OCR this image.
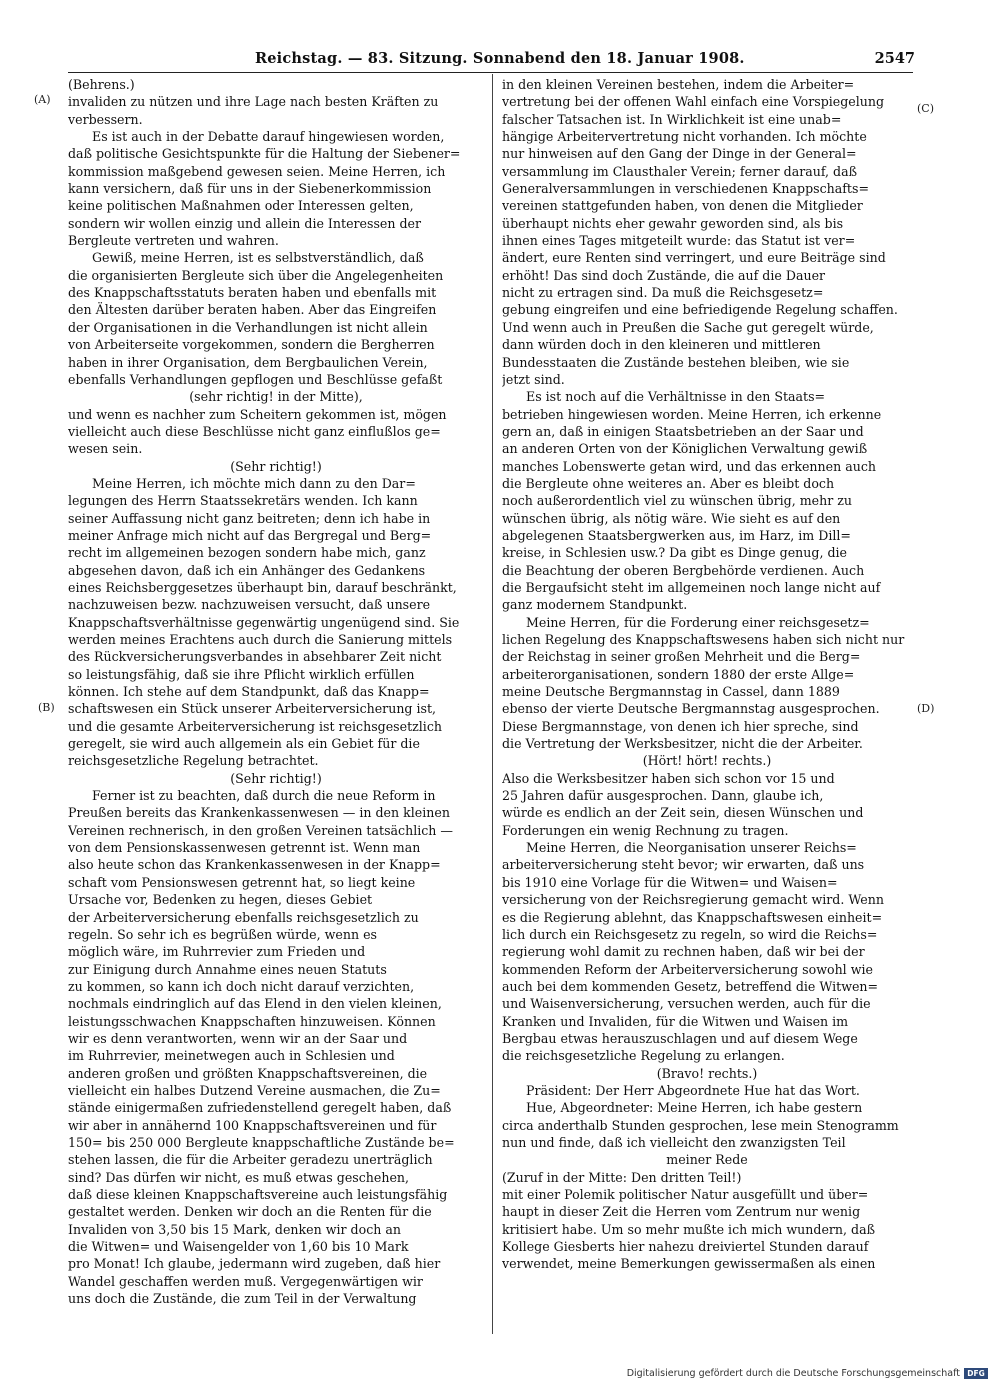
Reichstag. — 83. Sitzung. Sonnabend den 18. Januar 1908.	2547
(A)
(B)
(C)
(D)
(Behrens.)
invaliden zu nützen und ihre Lage nach besten Kräften zu
verbessern.
Es ist auch in der Debatte darauf hingewiesen worden,
daß politische Gesichtspunkte für die Haltung der Siebener=
kommission maßgebend gewesen seien. Meine Herren, ich
kann versichern, daß für uns in der Siebenerkommission
keine politischen Maßnahmen oder Interessen gelten,
sondern wir wollen einzig und allein die Interessen der
Bergleute vertreten und wahren.
Gewiß, meine Herren, ist es selbstverständlich, daß
die organisierten Bergleute sich über die Angelegenheiten
des Knappschaftsstatuts beraten haben und ebenfalls mit
den Ältesten darüber beraten haben. Aber das Eingreifen
der Organisationen in die Verhandlungen ist nicht allein
von Arbeiterseite vorgekommen, sondern die Bergherren
haben in ihrer Organisation, dem Bergbaulichen Verein,
ebenfalls Verhandlungen gepflogen und Beschlüsse gefaßt
(sehr richtig! in der Mitte),
und wenn es nachher zum Scheitern gekommen ist, mögen
vielleicht auch diese Beschlüsse nicht ganz einflußlos ge=
wesen sein.
(Sehr richtig!)
Meine Herren, ich möchte mich dann zu den Dar=
legungen des Herrn Staatssekretärs wenden. Ich kann
seiner Auffassung nicht ganz beitreten; denn ich habe in
meiner Anfrage mich nicht auf das Bergregal und Berg=
recht im allgemeinen bezogen sondern habe mich, ganz
abgesehen davon, daß ich ein Anhänger des Gedankens
eines Reichsberggesetzes überhaupt bin, darauf beschränkt,
nachzuweisen bezw. nachzuweisen versucht, daß unsere
Knappschaftsverhältnisse gegenwärtig ungenügend sind. Sie
werden meines Erachtens auch durch die Sanierung mittels
des Rückversicherungsverbandes in absehbarer Zeit nicht
so leistungsfähig, daß sie ihre Pflicht wirklich erfüllen
können. Ich stehe auf dem Standpunkt, daß das Knapp=
schaftswesen ein Stück unserer Arbeiterversicherung ist,
und die gesamte Arbeiterversicherung ist reichsgesetzlich
geregelt, sie wird auch allgemein als ein Gebiet für die
reichsgesetzliche Regelung betrachtet.
(Sehr richtig!)
Ferner ist zu beachten, daß durch die neue Reform in
Preußen bereits das Krankenkassenwesen — in den kleinen
Vereinen rechnerisch, in den großen Vereinen tatsächlich —
von dem Pensionskassenwesen getrennt ist. Wenn man
also heute schon das Krankenkassenwesen in der Knapp=
schaft vom Pensionswesen getrennt hat, so liegt keine
Ursache vor, Bedenken zu hegen, dieses Gebiet
der Arbeiterversicherung ebenfalls reichsgesetzlich zu
regeln. So sehr ich es begrüßen würde, wenn es
möglich wäre, im Ruhrrevier zum Frieden und
zur Einigung durch Annahme eines neuen Statuts
zu kommen, so kann ich doch nicht darauf verzichten,
nochmals eindringlich auf das Elend in den vielen kleinen,
leistungsschwachen Knappschaften hinzuweisen. Können
wir es denn verantworten, wenn wir an der Saar und
im Ruhrrevier, meinetwegen auch in Schlesien und
anderen großen und größten Knappschaftsvereinen, die
vielleicht ein halbes Dutzend Vereine ausmachen, die Zu=
stände einigermaßen zufriedenstellend geregelt haben, daß
wir aber in annähernd 100 Knappschaftsvereinen und für
150= bis 250 000 Bergleute knappschaftliche Zustände be=
stehen lassen, die für die Arbeiter geradezu unerträglich
sind? Das dürfen wir nicht, es muß etwas geschehen,
daß diese kleinen Knappschaftsvereine auch leistungsfähig
gestaltet werden. Denken wir doch an die Renten für die
Invaliden von 3,50 bis 15 Mark, denken wir doch an
die Witwen= und Waisengelder von 1,60 bis 10 Mark
pro Monat! Ich glaube, jedermann wird zugeben, daß hier
Wandel geschaffen werden muß. Vergegenwärtigen wir
uns doch die Zustände, die zum Teil in der Verwaltung
in den kleinen Vereinen bestehen, indem die Arbeiter=
vertretung bei der offenen Wahl einfach eine Vorspiegelung
falscher Tatsachen ist. In Wirklichkeit ist eine unab=
hängige Arbeitervertretung nicht vorhanden. Ich möchte
nur hinweisen auf den Gang der Dinge in der General=
versammlung im Clausthaler Verein; ferner darauf, daß
Generalversammlungen in verschiedenen Knappschafts=
vereinen stattgefunden haben, von denen die Mitglieder
überhaupt nichts eher gewahr geworden sind, als bis
ihnen eines Tages mitgeteilt wurde: das Statut ist ver=
ändert, eure Renten sind verringert, und eure Beiträge sind
erhöht! Das sind doch Zustände, die auf die Dauer
nicht zu ertragen sind. Da muß die Reichsgesetz=
gebung eingreifen und eine befriedigende Regelung schaffen.
Und wenn auch in Preußen die Sache gut geregelt würde,
dann würden doch in den kleineren und mittleren
Bundesstaaten die Zustände bestehen bleiben, wie sie
jetzt sind.
Es ist noch auf die Verhältnisse in den Staats=
betrieben hingewiesen worden. Meine Herren, ich erkenne
gern an, daß in einigen Staatsbetrieben an der Saar und
an anderen Orten von der Königlichen Verwaltung gewiß
manches Lobenswerte getan wird, und das erkennen auch
die Bergleute ohne weiteres an. Aber es bleibt doch
noch außerordentlich viel zu wünschen übrig, mehr zu
wünschen übrig, als nötig wäre. Wie sieht es auf den
abgelegenen Staatsbergwerken aus, im Harz, im Dill=
kreise, in Schlesien usw.? Da gibt es Dinge genug, die
die Beachtung der oberen Bergbehörde verdienen. Auch
die Bergaufsicht steht im allgemeinen noch lange nicht auf
ganz modernem Standpunkt.
Meine Herren, für die Forderung einer reichsgesetz=
lichen Regelung des Knappschaftswesens haben sich nicht nur
der Reichstag in seiner großen Mehrheit und die Berg=
arbeiterorganisationen, sondern 1880 der erste Allge=
meine Deutsche Bergmannstag in Cassel, dann 1889
ebenso der vierte Deutsche Bergmannstag ausgesprochen.
Diese Bergmannstage, von denen ich hier spreche, sind
die Vertretung der Werksbesitzer, nicht die der Arbeiter.
(Hört! hört! rechts.)
Also die Werksbesitzer haben sich schon vor 15 und
25 Jahren dafür ausgesprochen. Dann, glaube ich,
würde es endlich an der Zeit sein, diesen Wünschen und
Forderungen ein wenig Rechnung zu tragen.
Meine Herren, die Neorganisation unserer Reichs=
arbeiterversicherung steht bevor; wir erwarten, daß uns
bis 1910 eine Vorlage für die Witwen= und Waisen=
versicherung von der Reichsregierung gemacht wird. Wenn
es die Regierung ablehnt, das Knappschaftswesen einheit=
lich durch ein Reichsgesetz zu regeln, so wird die Reichs=
regierung wohl damit zu rechnen haben, daß wir bei der
kommenden Reform der Arbeiterversicherung sowohl wie
auch bei dem kommenden Gesetz, betreffend die Witwen=
und Waisenversicherung, versuchen werden, auch für die
Kranken und Invaliden, für die Witwen und Waisen im
Bergbau etwas herauszuschlagen und auf diesem Wege
die reichsgesetzliche Regelung zu erlangen.
(Bravo! rechts.)
Präsident: Der Herr Abgeordnete Hue hat das Wort.
Hue, Abgeordneter: Meine Herren, ich habe gestern
circa anderthalb Stunden gesprochen, lese mein Stenogramm
nun und finde, daß ich vielleicht den zwanzigsten Teil
meiner Rede
(Zuruf in der Mitte: Den dritten Teil!)
mit einer Polemik politischer Natur ausgefüllt und über=
haupt in dieser Zeit die Herren vom Zentrum nur wenig
kritisiert habe. Um so mehr mußte ich mich wundern, daß
Kollege Giesberts hier nahezu dreiviertel Stunden darauf
verwendet, meine Bemerkungen gewissermaßen als einen
Digitalisierung gefördert durch die Deutsche Forschungsgemeinschaft DFG
